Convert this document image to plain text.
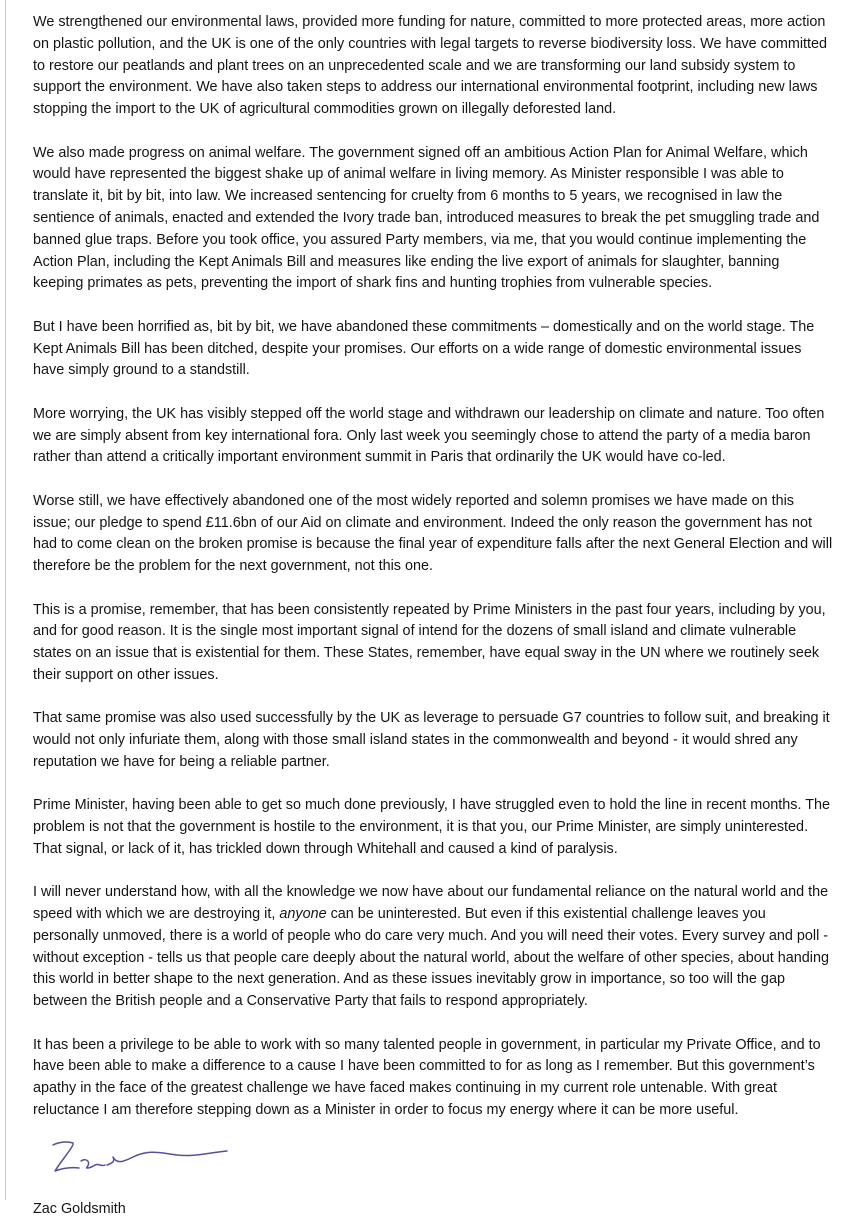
We strengthened our environmental laws, provided more funding for nature, committed to more protected areas, more action on plastic pollution, and the UK is one of the only countries with legal targets to reverse biodiversity loss. We have committed to restore our peatlands and plant trees on an unprecedented scale and we are transforming our land subsidy system to support the environment. We have also taken steps to address our international environmental footprint, including new laws stopping the import to the UK of agricultural commodities grown on illegally deforested land.

We also made progress on animal welfare. The government signed off an ambitious Action Plan for Animal Welfare, which would have represented the biggest shake up of animal welfare in living memory. As Minister responsible I was able to translate it, bit by bit, into law. We increased sentencing for cruelty from 6 months to 5 years, we recognised in law the sentience of animals, enacted and extended the Ivory trade ban, introduced measures to break the pet smuggling trade and banned glue traps. Before you took office, you assured Party members, via me, that you would continue implementing the Action Plan, including the Kept Animals Bill and measures like ending the live export of animals for slaughter, banning keeping primates as pets, preventing the import of shark fins and hunting trophies from vulnerable species.

But I have been horrified as, bit by bit, we have abandoned these commitments – domestically and on the world stage. The Kept Animals Bill has been ditched, despite your promises. Our efforts on a wide range of domestic environmental issues have simply ground to a standstill.

More worrying, the UK has visibly stepped off the world stage and withdrawn our leadership on climate and nature. Too often we are simply absent from key international fora. Only last week you seemingly chose to attend the party of a media baron rather than attend a critically important environment summit in Paris that ordinarily the UK would have co-led.

Worse still, we have effectively abandoned one of the most widely reported and solemn promises we have made on this issue; our pledge to spend £11.6bn of our Aid on climate and environment. Indeed the only reason the government has not had to come clean on the broken promise is because the final year of expenditure falls after the next General Election and will therefore be the problem for the next government, not this one.

This is a promise, remember, that has been consistently repeated by Prime Ministers in the past four years, including by you, and for good reason. It is the single most important signal of intend for the dozens of small island and climate vulnerable states on an issue that is existential for them. These States, remember, have equal sway in the UN where we routinely seek their support on other issues.

That same promise was also used successfully by the UK as leverage to persuade G7 countries to follow suit, and breaking it would not only infuriate them, along with those small island states in the commonwealth and beyond - it would shred any reputation we have for being a reliable partner.

Prime Minister, having been able to get so much done previously, I have struggled even to hold the line in recent months. The problem is not that the government is hostile to the environment, it is that you, our Prime Minister, are simply uninterested. That signal, or lack of it, has trickled down through Whitehall and caused a kind of paralysis.

I will never understand how, with all the knowledge we now have about our fundamental reliance on the natural world and the speed with which we are destroying it, anyone can be uninterested. But even if this existential challenge leaves you personally unmoved, there is a world of people who do care very much. And you will need their votes. Every survey and poll - without exception - tells us that people care deeply about the natural world, about the welfare of other species, about handing this world in better shape to the next generation. And as these issues inevitably grow in importance, so too will the gap between the British people and a Conservative Party that fails to respond appropriately.

It has been a privilege to be able to work with so many talented people in government, in particular my Private Office, and to have been able to make a difference to a cause I have been committed to for as long as I remember. But this government’s apathy in the face of the greatest challenge we have faced makes continuing in my current role untenable. With great reluctance I am therefore stepping down as a Minister in order to focus my energy where it can be more useful.

Zac Goldsmith
